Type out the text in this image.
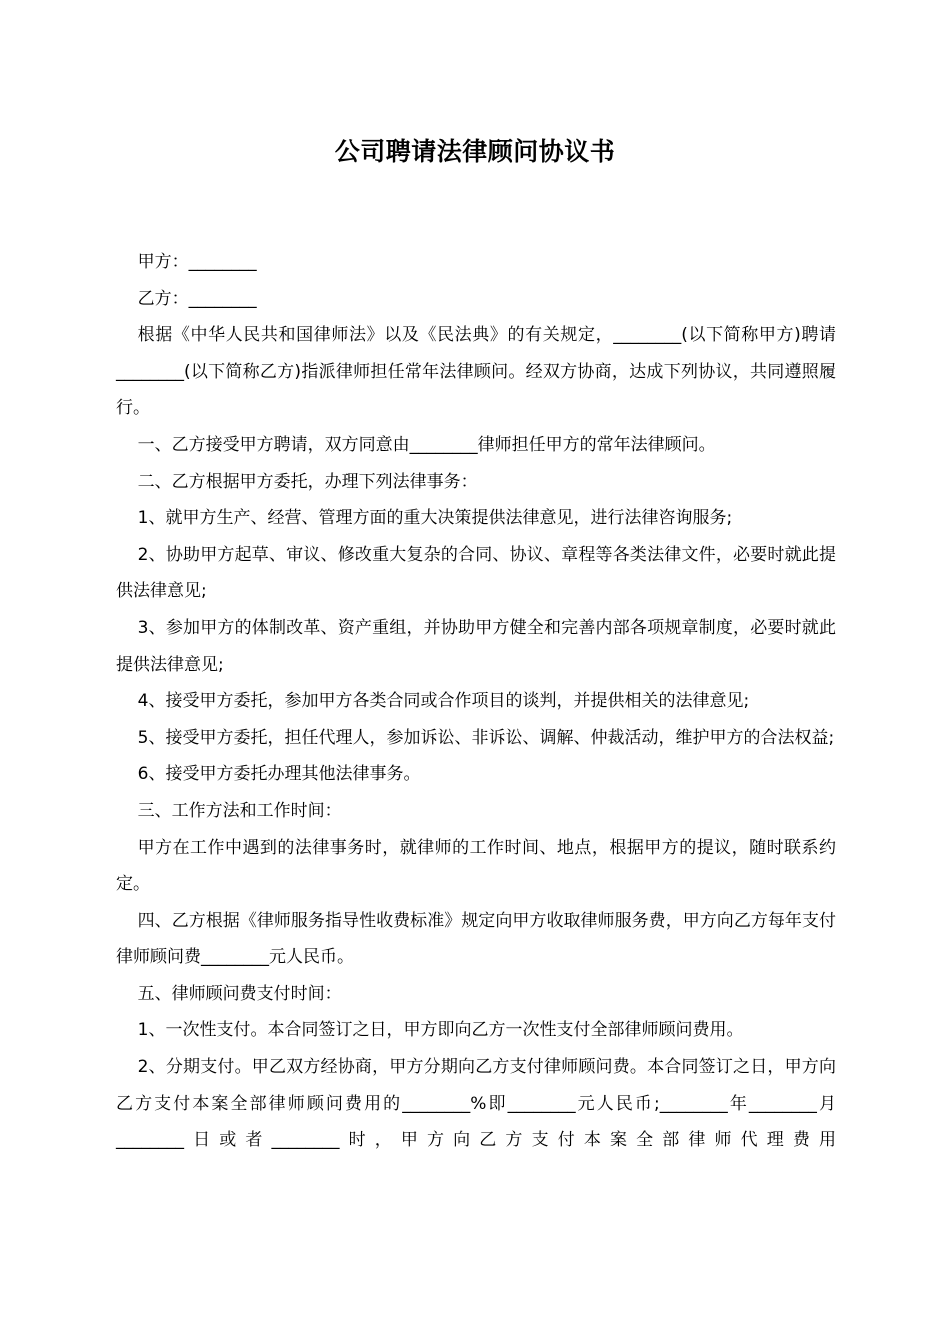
公司聘请法律顾问协议书

甲方：________

乙方：________

根据《中华人民共和国律师法》以及《民法典》的有关规定，________(以下简称甲方)聘请________(以下简称乙方)指派律师担任常年法律顾问。经双方协商，达成下列协议，共同遵照履行。

一、乙方接受甲方聘请，双方同意由________律师担任甲方的常年法律顾问。

二、乙方根据甲方委托，办理下列法律事务：

1、就甲方生产、经营、管理方面的重大决策提供法律意见，进行法律咨询服务;

2、协助甲方起草、审议、修改重大复杂的合同、协议、章程等各类法律文件，必要时就此提供法律意见;

3、参加甲方的体制改革、资产重组，并协助甲方健全和完善内部各项规章制度，必要时就此提供法律意见;

4、接受甲方委托，参加甲方各类合同或合作项目的谈判，并提供相关的法律意见;

5、接受甲方委托，担任代理人，参加诉讼、非诉讼、调解、仲裁活动，维护甲方的合法权益;

6、接受甲方委托办理其他法律事务。

三、工作方法和工作时间：

甲方在工作中遇到的法律事务时，就律师的工作时间、地点，根据甲方的提议，随时联系约定。

四、乙方根据《律师服务指导性收费标准》规定向甲方收取律师服务费，甲方向乙方每年支付律师顾问费________元人民币。

五、律师顾问费支付时间：

1、一次性支付。本合同签订之日，甲方即向乙方一次性支付全部律师顾问费用。

2、分期支付。甲乙双方经协商，甲方分期向乙方支付律师顾问费。本合同签订之日，甲方向乙方支付本案全部律师顾问费用的________%即________元人民币;________年________月________日或者________时，甲方向乙方支付本案全部律师代理费用
